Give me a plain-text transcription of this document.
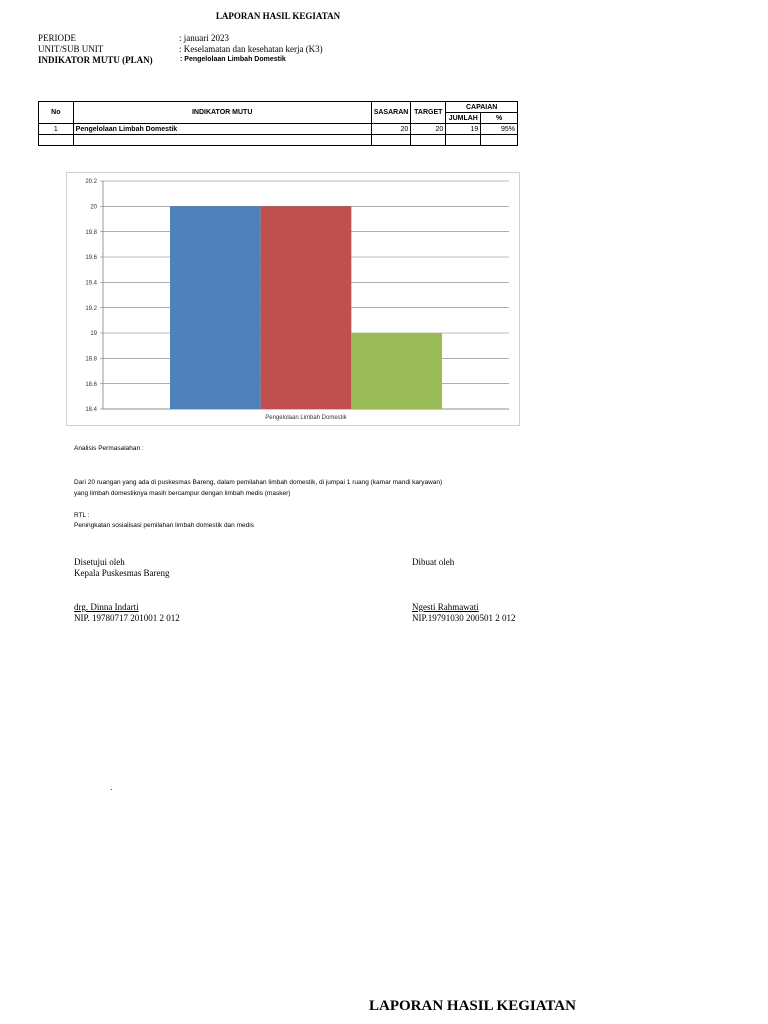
LAPORAN HASIL KEGIATAN
PERIODE	: januari 2023
UNIT/SUB UNIT	: Keselamatan dan kesehatan kerja (K3)
INDIKATOR MUTU (PLAN)	: Pengelolaan Limbah Domestik
No	INDIKATOR MUTU	SASARAN	TARGET	CAPAIAN	
				JUMLAH	%
1	Pengelolaan Limbah Domestik	20	20	19	95%

20.2
20
19.8
19.6
19.4
19.2
19
18.8
18.6
18.4
Pengelolaan Limbah Domestik
Analisis Permasalahan :
Dari 20 ruangan yang ada di puskesmas Bareng, dalam pemilahan limbah domestik, di jumpai 1 ruang (kamar mandi karyawan)
yang limbah domestiknya masih bercampur dengan limbah medis (masker)
RTL :
Peningkatan sosialisasi pemilahan limbah domestik dan medis
Disetujui oleh
Kepala Puskesmas Bareng
drg. Dinna Indarti
NIP. 19780717 201001 2 012
Dibuat oleh
Ngesti Rahmawati
NIP.19791030 200501 2 012
.
LAPORAN HASIL KEGIATAN
